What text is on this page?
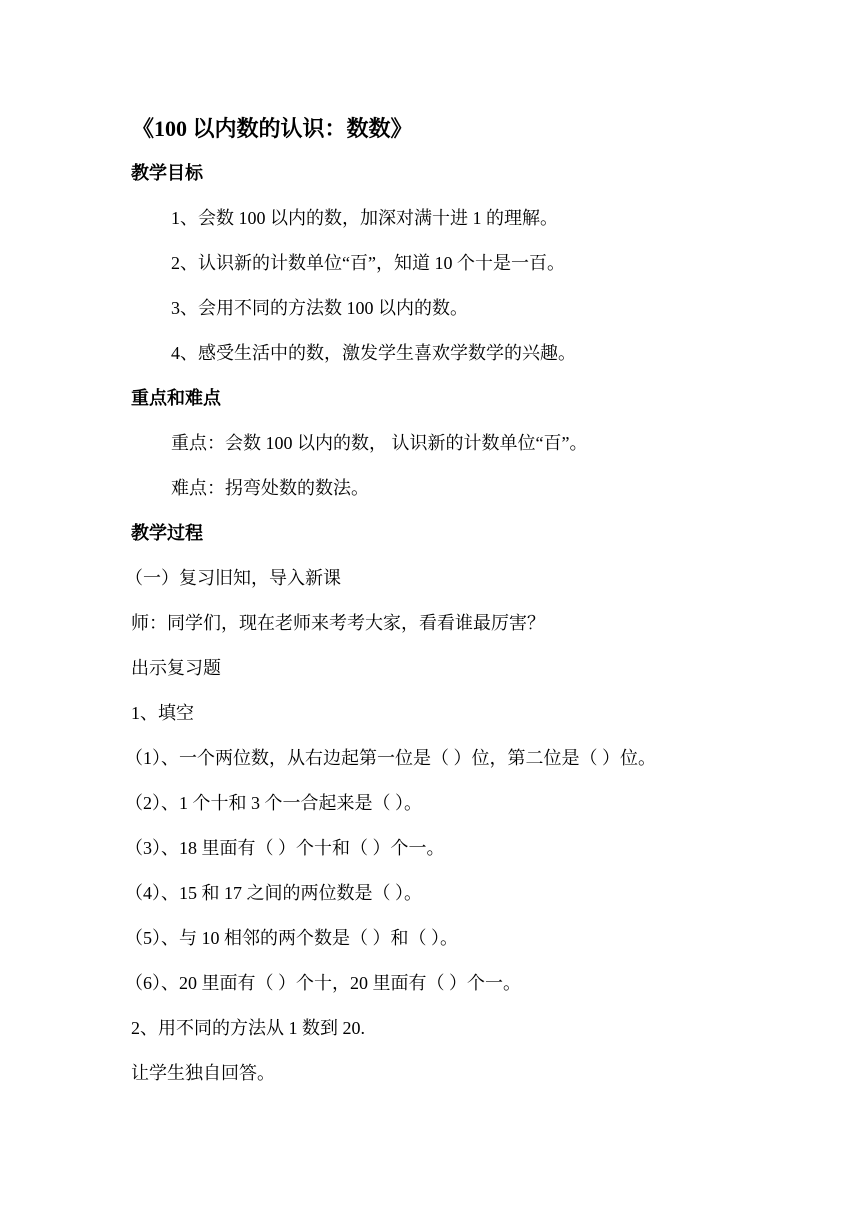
《100 以内数的认识：数数》
教学目标
1、会数 100 以内的数，加深对满十进 1 的理解。
2、认识新的计数单位“百”，知道 10 个十是一百。
3、会用不同的方法数 100 以内的数。
4、感受生活中的数，激发学生喜欢学数学的兴趣。
重点和难点
重点：会数 100 以内的数， 认识新的计数单位“百”。
难点：拐弯处数的数法。
教学过程
（一）复习旧知，导入新课
师：同学们，现在老师来考考大家，看看谁最厉害？
出示复习题
1、填空
（1）、一个两位数，从右边起第一位是（ ）位，第二位是（ ）位。
（2）、1 个十和 3 个一合起来是（ ）。
（3）、18 里面有（ ）个十和（ ）个一。
（4）、15 和 17 之间的两位数是（ ）。
（5）、与 10 相邻的两个数是（ ）和（ ）。
（6）、20 里面有（ ）个十，20 里面有（ ）个一。
2、用不同的方法从 1 数到 20.
让学生独自回答。
